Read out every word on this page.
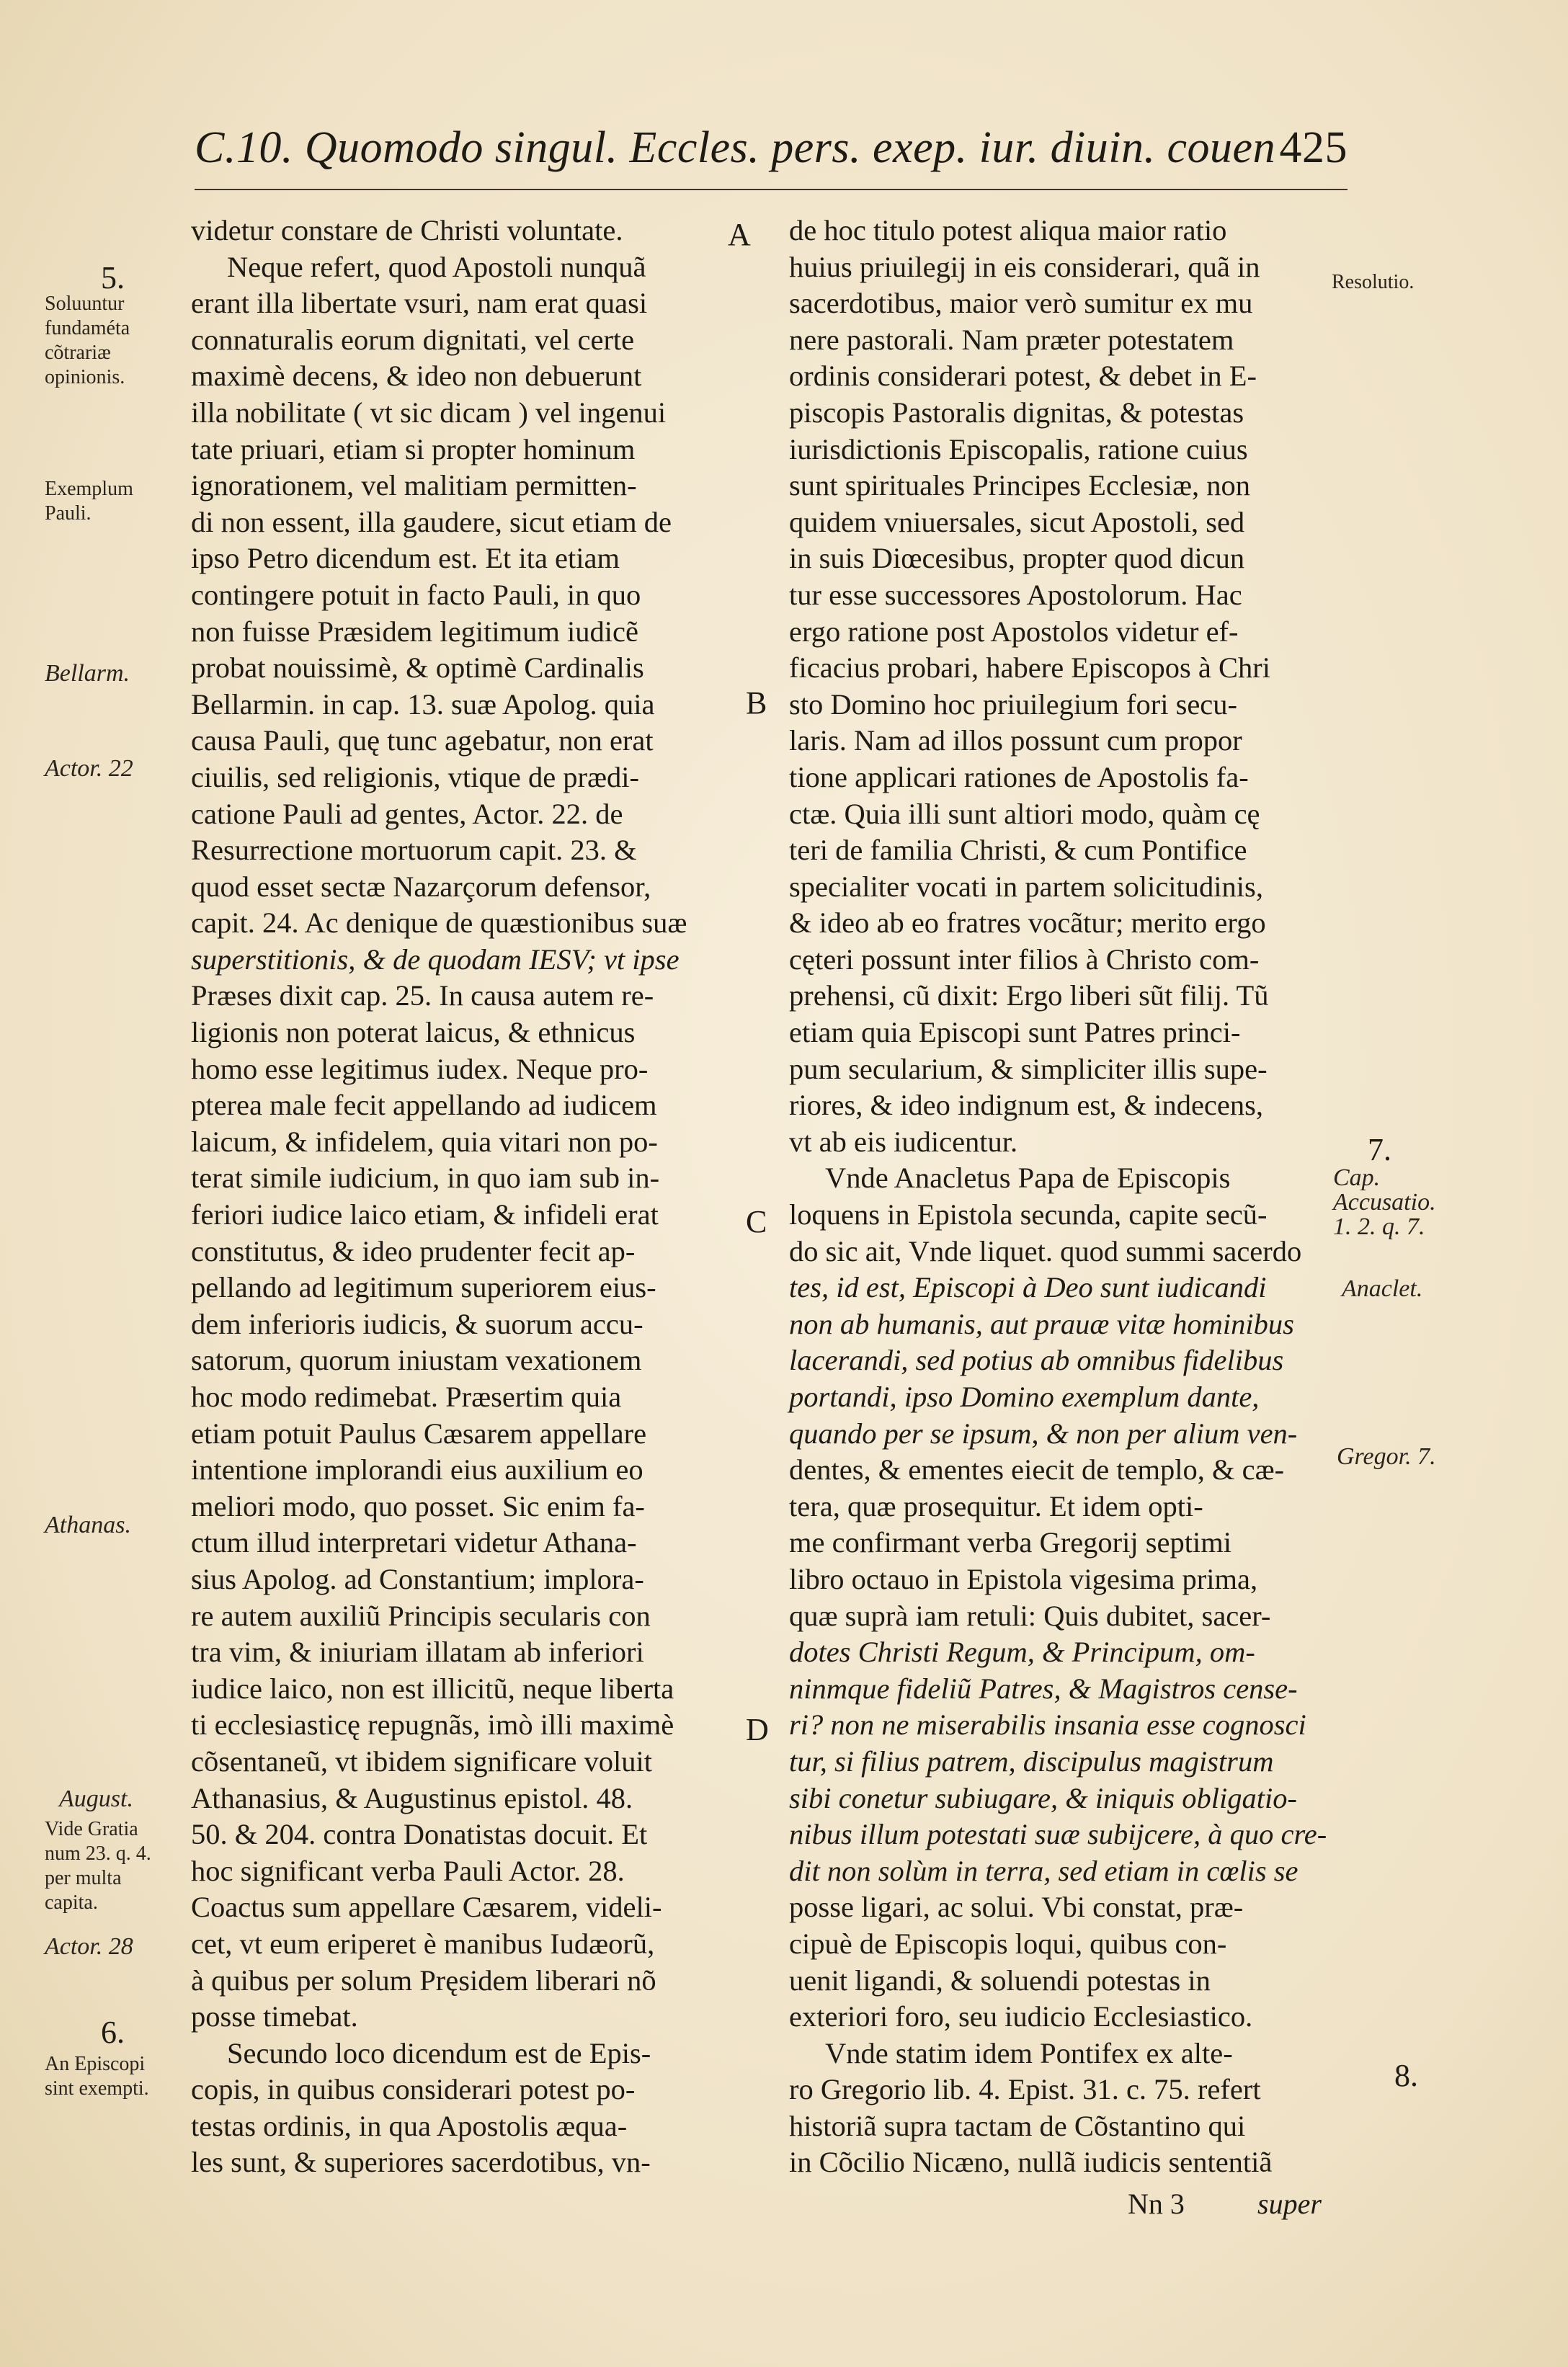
C.10. Quomodo singul. Eccles. pers. exep. iur. diuin. couen 425
5.
Soluuntur fundaméta cõtrariæ opinionis.
Exemplum Pauli.
Bellarm.
Actor. 22
Athanas.
August.
Vide Gratia num 23. q. 4. per multa capita.
Actor. 28
6.
An Episcopi sint exempti.
Resolutio.
7.
Cap. Accusatio. 1. 2. q. 7.
Anaclet.
Gregor. 7.
8.
A
B
C
D
videtur constare de Christi voluntate.
Neque refert, quod Apostoli nunquã
erant illa libertate vsuri, nam erat quasi
connaturalis eorum dignitati, vel certe
maximè decens, & ideo non debuerunt
illa nobilitate ( vt sic dicam ) vel ingenui
tate priuari, etiam si propter hominum
ignorationem, vel malitiam permitten-
di non essent, illa gaudere, sicut etiam de
ipso Petro dicendum est. Et ita etiam
contingere potuit in facto Pauli, in quo
non fuisse Præsidem legitimum iudicẽ
probat nouissimè, & optimè Cardinalis
Bellarmin. in cap. 13. suæ Apolog. quia
causa Pauli, quę tunc agebatur, non erat
ciuilis, sed religionis, vtique de prædi-
catione Pauli ad gentes, Actor. 22. de
Resurrectione mortuorum capit. 23. &
quod esset sectæ Nazarçorum defensor,
capit. 24. Ac denique de quæstionibus suæ
superstitionis, & de quodam IESV; vt ipse
Præses dixit cap. 25. In causa autem re-
ligionis non poterat laicus, & ethnicus
homo esse legitimus iudex. Neque pro-
pterea male fecit appellando ad iudicem
laicum, & infidelem, quia vitari non po-
terat simile iudicium, in quo iam sub in-
feriori iudice laico etiam, & infideli erat
constitutus, & ideo prudenter fecit ap-
pellando ad legitimum superiorem eius-
dem inferioris iudicis, & suorum accu-
satorum, quorum iniustam vexationem
hoc modo redimebat. Præsertim quia
etiam potuit Paulus Cæsarem appellare
intentione implorandi eius auxilium eo
meliori modo, quo posset. Sic enim fa-
ctum illud interpretari videtur Athana-
sius Apolog. ad Constantium; implora-
re autem auxiliũ Principis secularis con
tra vim, & iniuriam illatam ab inferiori
iudice laico, non est illicitũ, neque liberta
ti ecclesiasticę repugnãs, imò illi maximè
cõsentaneũ, vt ibidem significare voluit
Athanasius, & Augustinus epistol. 48.
50. & 204. contra Donatistas docuit. Et
hoc significant verba Pauli Actor. 28.
Coactus sum appellare Cæsarem, videli-
cet, vt eum eriperet è manibus Iudæorũ,
à quibus per solum Pręsidem liberari nõ
posse timebat.
Secundo loco dicendum est de Epis-
copis, in quibus considerari potest po-
testas ordinis, in qua Apostolis æqua-
les sunt, & superiores sacerdotibus, vn-
de hoc titulo potest aliqua maior ratio
huius priuilegij in eis considerari, quã in
sacerdotibus, maior verò sumitur ex mu
nere pastorali. Nam præter potestatem
ordinis considerari potest, & debet in E-
piscopis Pastoralis dignitas, & potestas
iurisdictionis Episcopalis, ratione cuius
sunt spirituales Principes Ecclesiæ, non
quidem vniuersales, sicut Apostoli, sed
in suis Diœcesibus, propter quod dicun
tur esse successores Apostolorum. Hac
ergo ratione post Apostolos videtur ef-
ficacius probari, habere Episcopos à Chri
sto Domino hoc priuilegium fori secu-
laris. Nam ad illos possunt cum propor
tione applicari rationes de Apostolis fa-
ctæ. Quia illi sunt altiori modo, quàm cę
teri de familia Christi, & cum Pontifice
specialiter vocati in partem solicitudinis,
& ideo ab eo fratres vocãtur; merito ergo
cęteri possunt inter filios à Christo com-
prehensi, cũ dixit: Ergo liberi sũt filij. Tũ
etiam quia Episcopi sunt Patres princi-
pum secularium, & simpliciter illis supe-
riores, & ideo indignum est, & indecens,
vt ab eis iudicentur.
Vnde Anacletus Papa de Episcopis
loquens in Epistola secunda, capite secũ-
do sic ait, Vnde liquet. quod summi sacerdo
tes, id est, Episcopi à Deo sunt iudicandi
non ab humanis, aut prauæ vitæ hominibus
lacerandi, sed potius ab omnibus fidelibus
portandi, ipso Domino exemplum dante,
quando per se ipsum, & non per alium ven-
dentes, & ementes eiecit de templo, & cæ-
tera, quæ prosequitur. Et idem opti-
me confirmant verba Gregorij septimi
libro octauo in Epistola vigesima prima,
quæ suprà iam retuli: Quis dubitet, sacer-
dotes Christi Regum, & Principum, om-
ninmque fideliũ Patres, & Magistros cense-
ri? non ne miserabilis insania esse cognosci
tur, si filius patrem, discipulus magistrum
sibi conetur subiugare, & iniquis obligatio-
nibus illum potestati suæ subijcere, à quo cre-
dit non solùm in terra, sed etiam in cœlis se
posse ligari, ac solui. Vbi constat, præ-
cipuè de Episcopis loqui, quibus con-
uenit ligandi, & soluendi potestas in
exteriori foro, seu iudicio Ecclesiastico.
Vnde statim idem Pontifex ex alte-
ro Gregorio lib. 4. Epist. 31. c. 75. refert
historiã supra tactam de Cõstantino qui
in Cõcilio Nicæno, nullã iudicis sententiã
Nn 3	super
